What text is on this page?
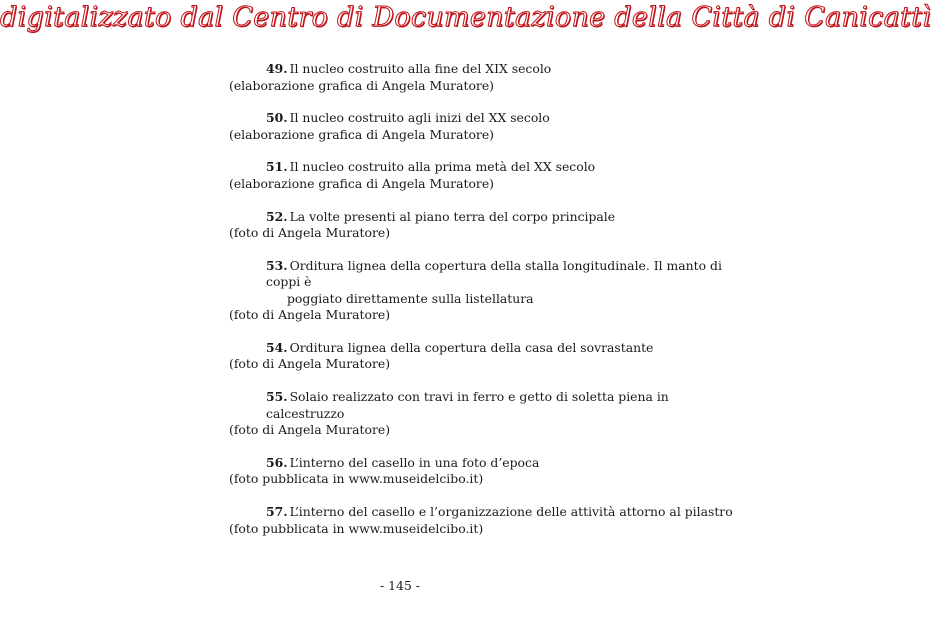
digitalizzato dal Centro di Documentazione della Città di Canicattì
49. Il nucleo costruito alla fine del XIX secolo
(elaborazione grafica di Angela Muratore)
50. Il nucleo costruito agli inizi del XX secolo
(elaborazione grafica di Angela Muratore)
51. Il nucleo costruito alla prima metà del XX secolo
(elaborazione grafica di Angela Muratore)
52. La volte presenti al piano terra del corpo principale
(foto di Angela Muratore)
53. Orditura lignea della copertura della stalla longitudinale. Il manto di coppi è
poggiato direttamente sulla listellatura
(foto di Angela Muratore)
54. Orditura lignea della copertura della casa del sovrastante
(foto di Angela Muratore)
55. Solaio realizzato con travi in ferro e getto di soletta piena in calcestruzzo
(foto di Angela Muratore)
56. L’interno del casello in una foto d’epoca
(foto pubblicata in www.museidelcibo.it)
57. L’interno del casello e l’organizzazione delle attività attorno al pilastro
(foto pubblicata in www.museidelcibo.it)
- 145 -
